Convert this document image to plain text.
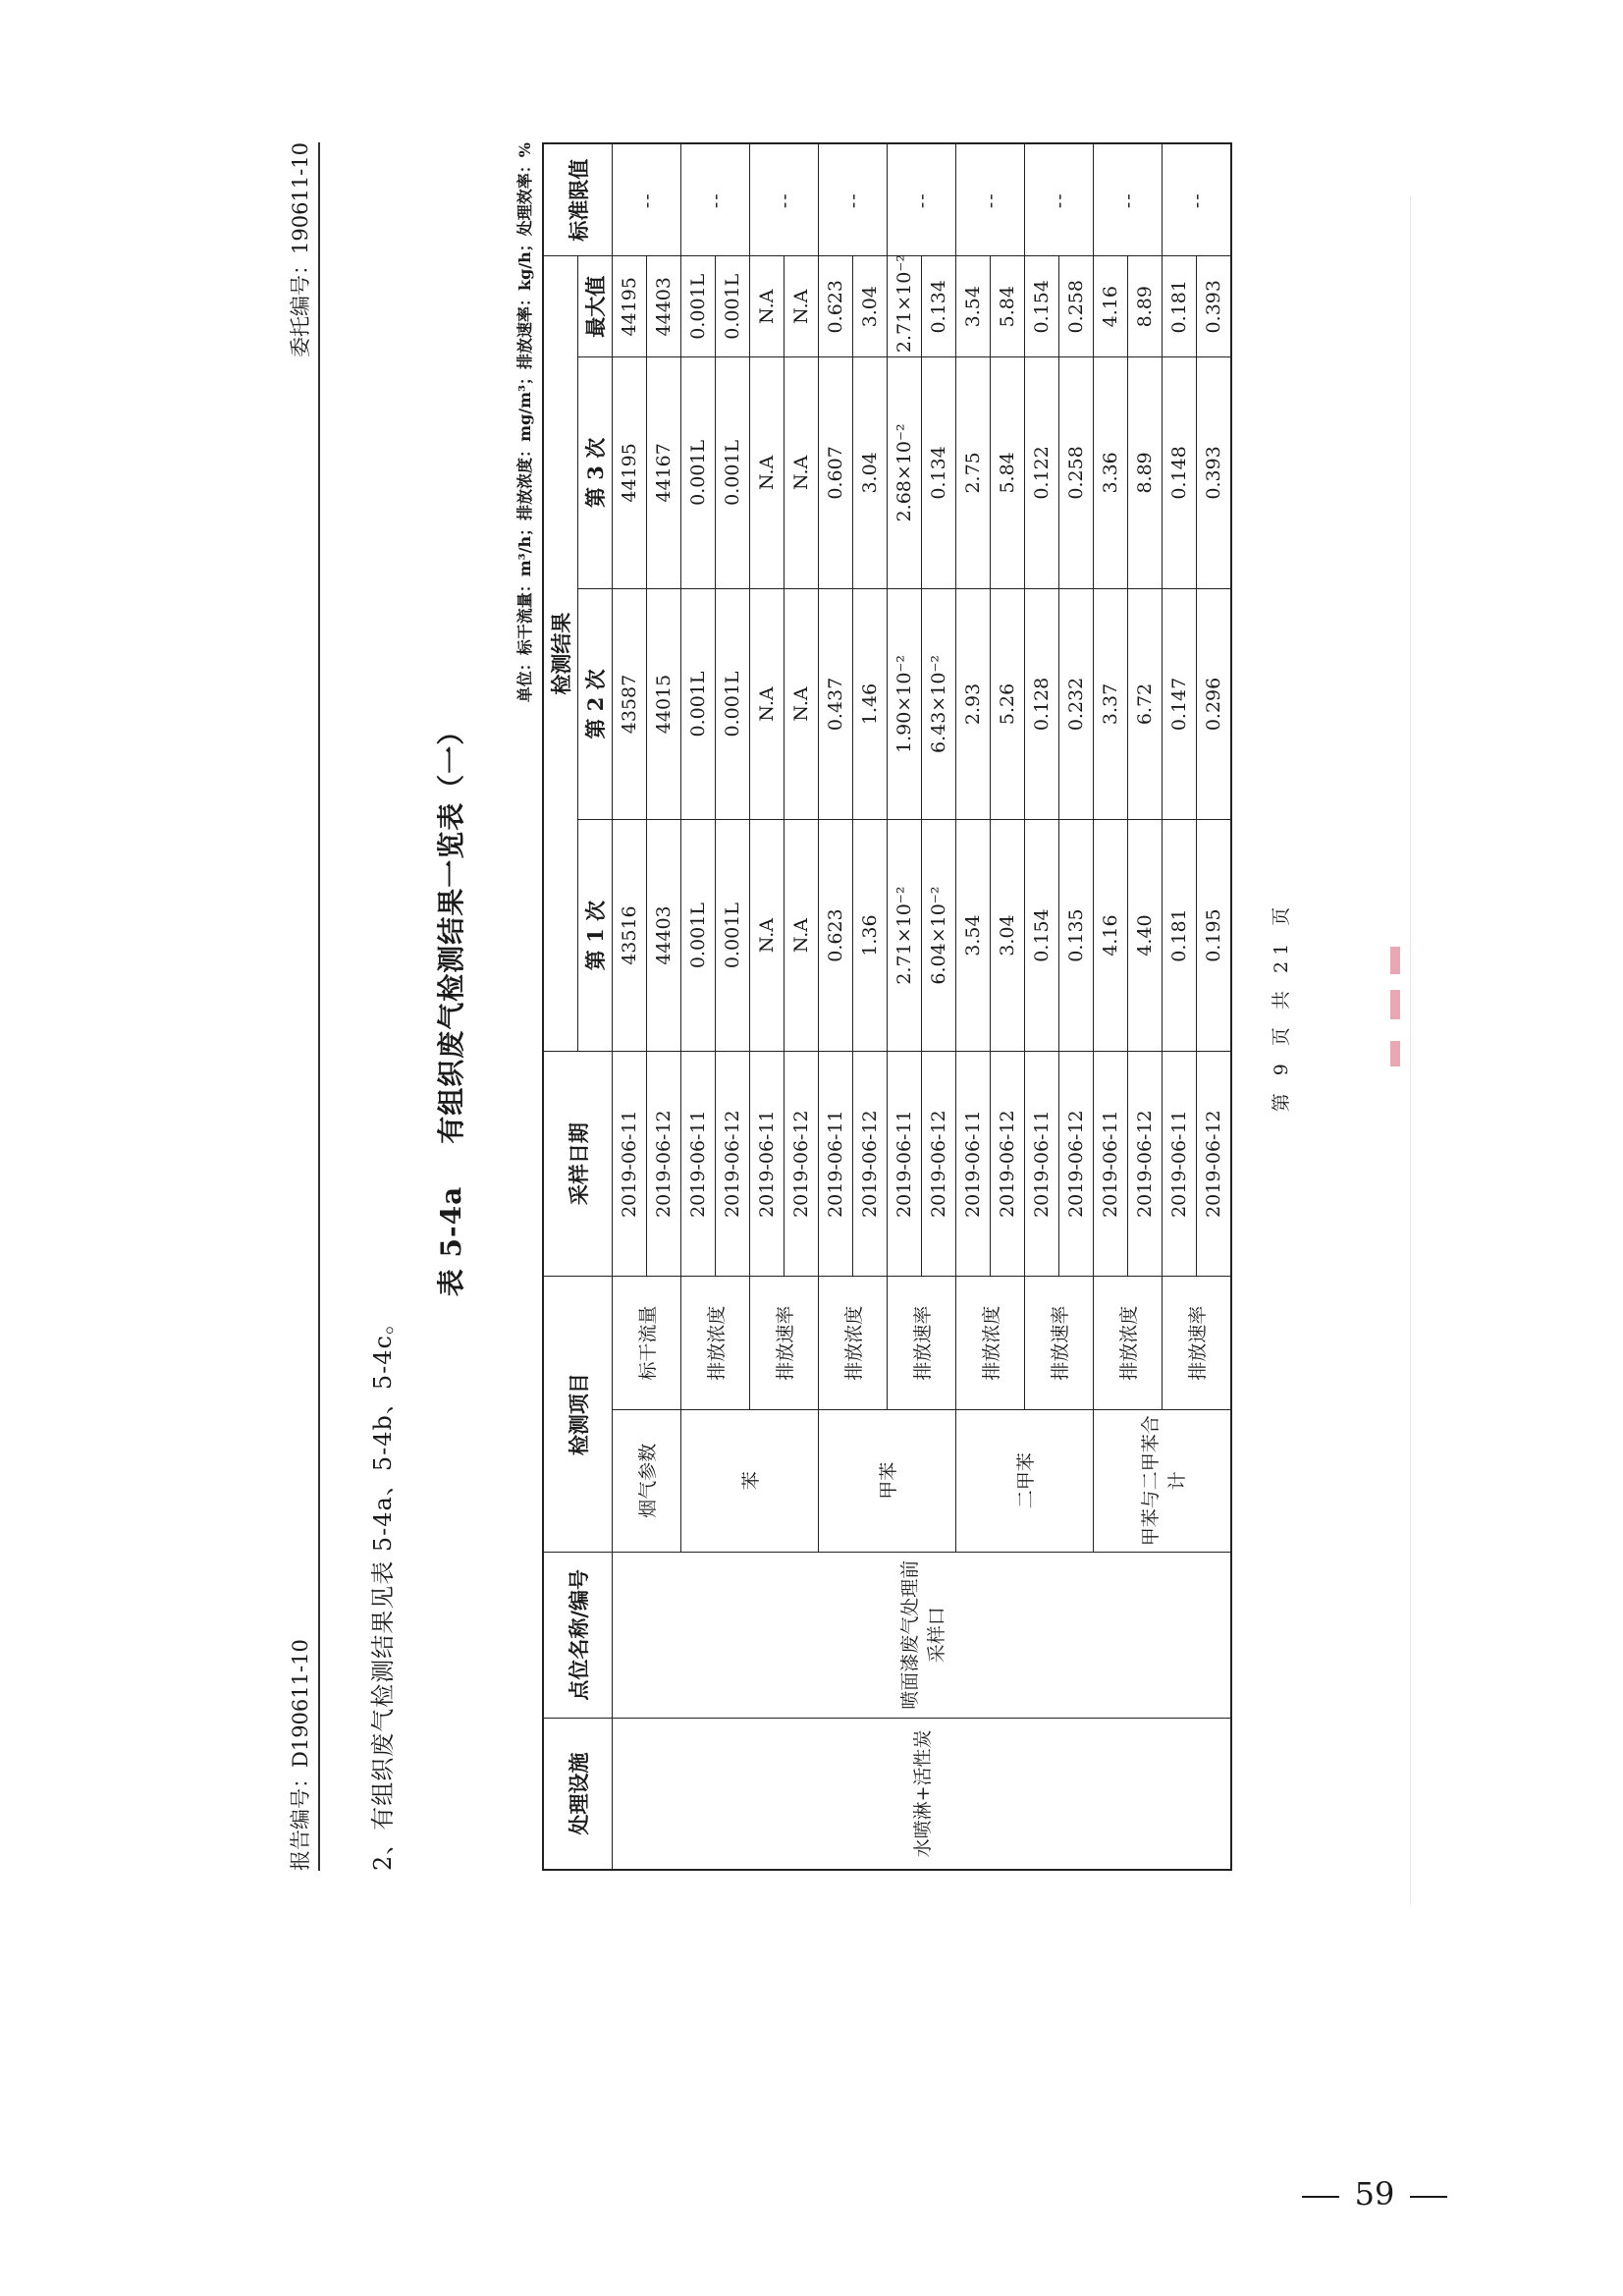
报告编号：D190611-10
委托编号：190611-10
2、有组织废气检测结果见表 5-4a、5-4b、5-4c。
表 5-4a    有组织废气检测结果一览表（一）
单位：标干流量：m³/h；排放浓度：mg/m³；排放速率：kg/h；处理效率：%
处理设施	点位名称/编号	检测项目		采样日期	检测结果				标准限值
					第 1 次	第 2 次	第 3 次	最大值	
水喷淋+活性炭	喷面漆废气处理前采样口	烟气参数	标干流量	2019-06-11	43516	43587	44195	44195	--
				2019-06-12	44403	44015	44167	44403	
		苯	排放浓度	2019-06-11	0.001L	0.001L	0.001L	0.001L	--
				2019-06-12	0.001L	0.001L	0.001L	0.001L	
			排放速率	2019-06-11	N.A	N.A	N.A	N.A	--
				2019-06-12	N.A	N.A	N.A	N.A	
		甲苯	排放浓度	2019-06-11	0.623	0.437	0.607	0.623	--
				2019-06-12	1.36	1.46	3.04	3.04	
			排放速率	2019-06-11	2.71×10⁻²	1.90×10⁻²	2.68×10⁻²	2.71×10⁻²	--
				2019-06-12	6.04×10⁻²	6.43×10⁻²	0.134	0.134	
		二甲苯	排放浓度	2019-06-11	3.54	2.93	2.75	3.54	--
				2019-06-12	3.04	5.26	5.84	5.84	
			排放速率	2019-06-11	0.154	0.128	0.122	0.154	--
				2019-06-12	0.135	0.232	0.258	0.258	
		甲苯与二甲苯合计	排放浓度	2019-06-11	4.16	3.37	3.36	4.16	--
				2019-06-12	4.40	6.72	8.89	8.89	
			排放速率	2019-06-11	0.181	0.147	0.148	0.181	--
				2019-06-12	0.195	0.296	0.393	0.393	
第 9 页 共 21 页
59
